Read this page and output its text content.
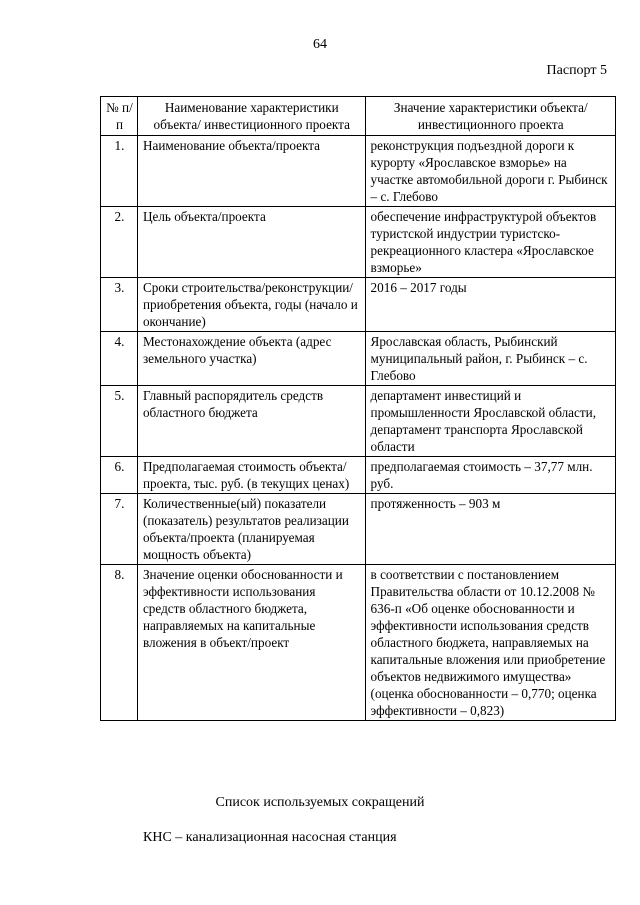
64
Паспорт 5
№ п/п	Наименование характеристики объекта/ инвестиционного проекта	Значение характеристики объекта/ инвестиционного проекта
1.	Наименование объекта/проекта	реконструкция подъездной дороги к курорту «Ярославское взморье» на участке автомобильной дороги г. Рыбинск – с. Глебово
2.	Цель объекта/проекта	обеспечение инфраструктурой объектов туристской индустрии туристско-рекреационного кластера «Ярославское взморье»
3.	Сроки строительства/реконструкции/приобретения объекта, годы (начало и окончание)	2016 – 2017 годы
4.	Местонахождение объекта (адрес земельного участка)	Ярославская область, Рыбинский муниципальный район, г. Рыбинск – с. Глебово
5.	Главный распорядитель средств областного бюджета	департамент инвестиций и промышленности Ярославской области, департамент транспорта Ярославской области
6.	Предполагаемая стоимость объекта/проекта, тыс. руб. (в текущих ценах)	предполагаемая стоимость – 37,77 млн. руб.
7.	Количественные(ый) показатели (показатель) результатов реализации объекта/проекта (планируемая мощность объекта)	протяженность – 903 м
8.	Значение оценки обоснованности и эффективности использования средств областного бюджета, направляемых на капитальные вложения в объект/проект	в соответствии с постановлением Правительства области от 10.12.2008 № 636-п «Об оценке обоснованности и эффективности использования средств областного бюджета, направляемых на капитальные вложения или приобретение объектов недвижимого имущества» (оценка обоснованности – 0,770; оценка эффективности – 0,823)
Список используемых сокращений
КНС – канализационная насосная станция
